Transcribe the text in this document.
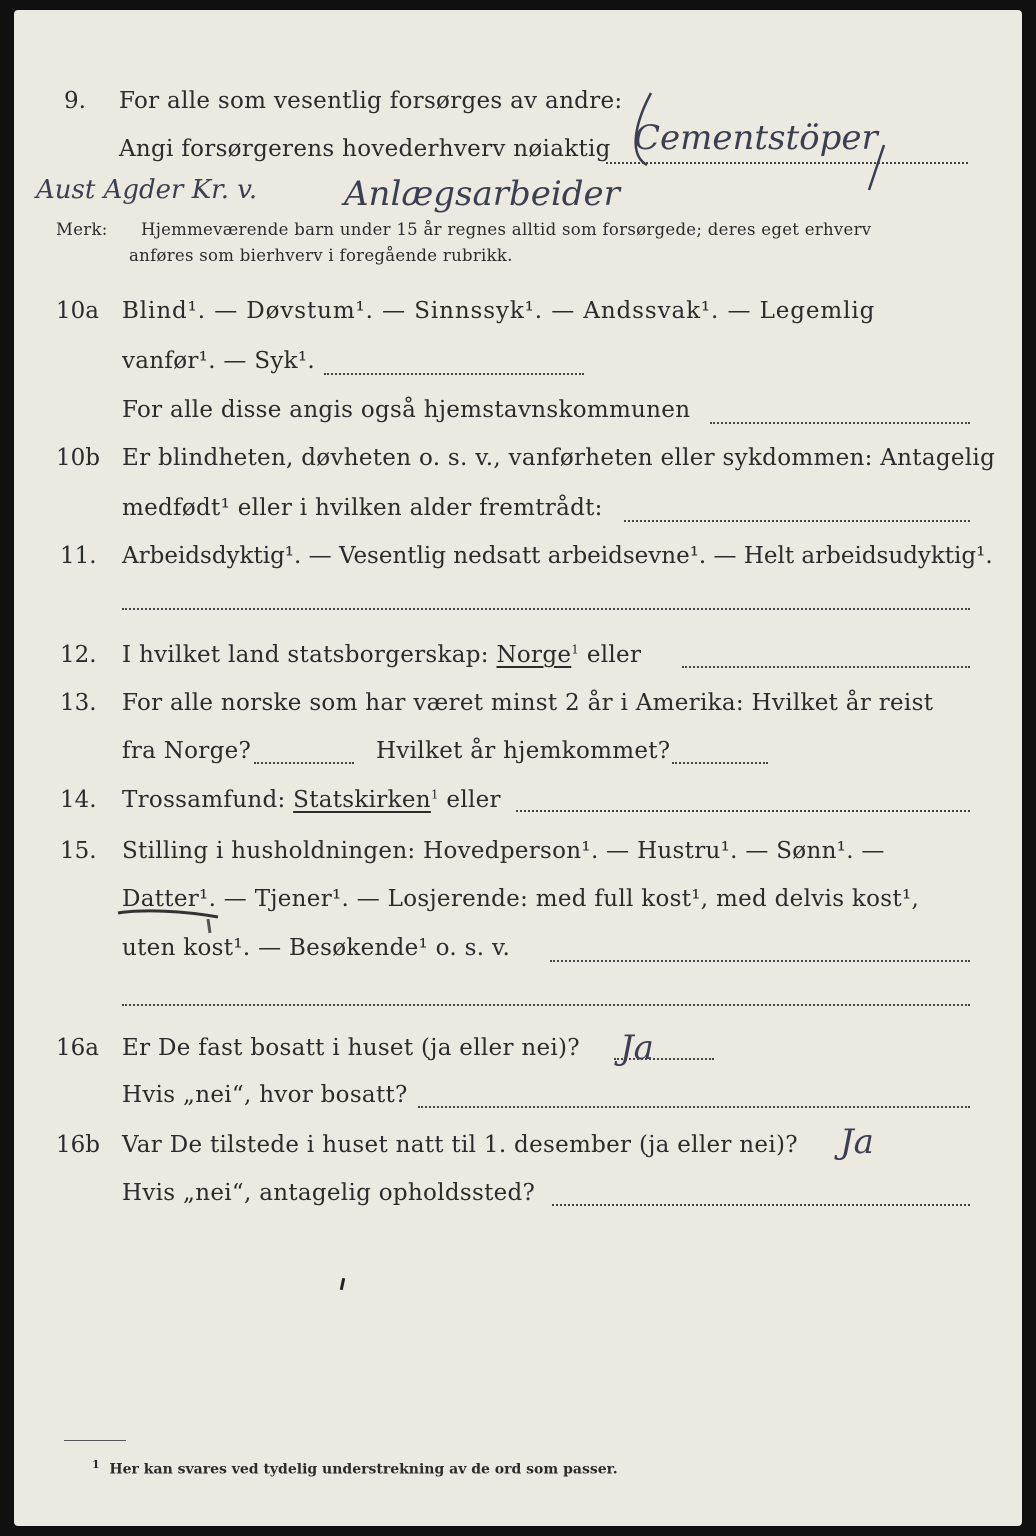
9. For alle som vesentlig forsørges av andre:
Angi forsørgerens hovederhverv nøiaktig Cementstöper
Aust Agder Kr. v.	Anlægsarbeider
Merk: Hjemmeværende barn under 15 år regnes alltid som forsørgede; deres eget erhverv
anføres som bierhverv i foregående rubrikk.
10a Blind¹. — Døvstum¹. — Sinnssyk¹. — Andssvak¹. — Legemlig
vanfør¹. — Syk¹.
For alle disse angis også hjemstavnskommunen
10b Er blindheten, døvheten o. s. v., vanførheten eller sykdommen: Antagelig
medfødt¹ eller i hvilken alder fremtrådt:
11. Arbeidsdyktig¹. — Vesentlig nedsatt arbeidsevne¹. — Helt arbeidsudyktig¹.
12. I hvilket land statsborgerskap: Norge$^1$ eller
13. For alle norske som har været minst 2 år i Amerika: Hvilket år reist
fra Norge?	Hvilket år hjemkommet?
14. Trossamfund: Statskirken$^1$ eller
15. Stilling i husholdningen: Hovedperson¹. — Hustru¹. — Sønn¹. —
Datter¹. — Tjener¹. — Losjerende: med full kost¹, med delvis kost¹,
uten kost¹. — Besøkende¹ o. s. v.
16a Er De fast bosatt i huset (ja eller nei)? Ja
Hvis „nei“, hvor bosatt?
16b Var De tilstede i huset natt til 1. desember (ja eller nei)? Ja
Hvis „nei“, antagelig opholdssted?
$^1$ Her kan svares ved tydelig understrekning av de ord som passer.
